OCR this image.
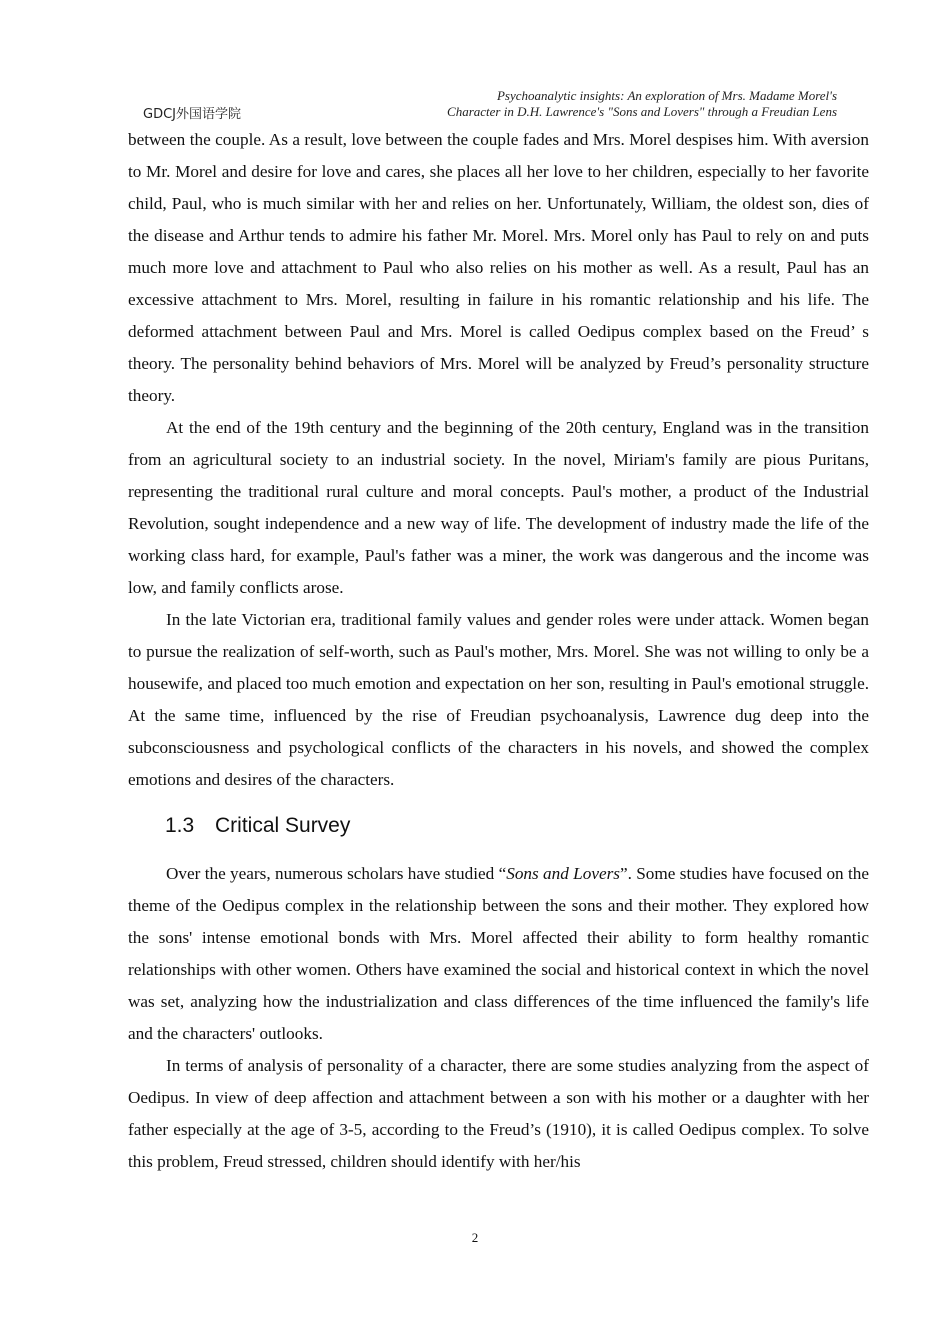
GDCJ外国语学院
Psychoanalytic insights: An exploration of Mrs. Madame Morel's
Character in D.H. Lawrence's "Sons and Lovers" through a Freudian Lens

between the couple. As a result, love between the couple fades and Mrs. Morel despises him. With aversion to Mr. Morel and desire for love and cares, she places all her love to her children, especially to her favorite child, Paul, who is much similar with her and relies on her. Unfortunately, William, the oldest son, dies of the disease and Arthur tends to admire his father Mr. Morel. Mrs. Morel only has Paul to rely on and puts much more love and attachment to Paul who also relies on his mother as well. As a result, Paul has an excessive attachment to Mrs. Morel, resulting in failure in his romantic relationship and his life. The deformed attachment between Paul and Mrs. Morel is called Oedipus complex based on the Freud’ s theory. The personality behind behaviors of Mrs. Morel will be analyzed by Freud’s personality structure theory.

At the end of the 19th century and the beginning of the 20th century, England was in the transition from an agricultural society to an industrial society. In the novel, Miriam's family are pious Puritans, representing the traditional rural culture and moral concepts. Paul's mother, a product of the Industrial Revolution, sought independence and a new way of life. The development of industry made the life of the working class hard, for example, Paul's father was a miner, the work was dangerous and the income was low, and family conflicts arose.

In the late Victorian era, traditional family values and gender roles were under attack. Women began to pursue the realization of self-worth, such as Paul's mother, Mrs. Morel. She was not willing to only be a housewife, and placed too much emotion and expectation on her son, resulting in Paul's emotional struggle. At the same time, influenced by the rise of Freudian psychoanalysis, Lawrence dug deep into the subconsciousness and psychological conflicts of the characters in his novels, and showed the complex emotions and desires of the characters.

1.3 Critical Survey

Over the years, numerous scholars have studied “Sons and Lovers”. Some studies have focused on the theme of the Oedipus complex in the relationship between the sons and their mother. They explored how the sons' intense emotional bonds with Mrs. Morel affected their ability to form healthy romantic relationships with other women. Others have examined the social and historical context in which the novel was set, analyzing how the industrialization and class differences of the time influenced the family's life and the characters' outlooks.

In terms of analysis of personality of a character, there are some studies analyzing from the aspect of Oedipus. In view of deep affection and attachment between a son with his mother or a daughter with her father especially at the age of 3-5, according to the Freud’s (1910), it is called Oedipus complex. To solve this problem, Freud stressed, children should identify with her/his

2
